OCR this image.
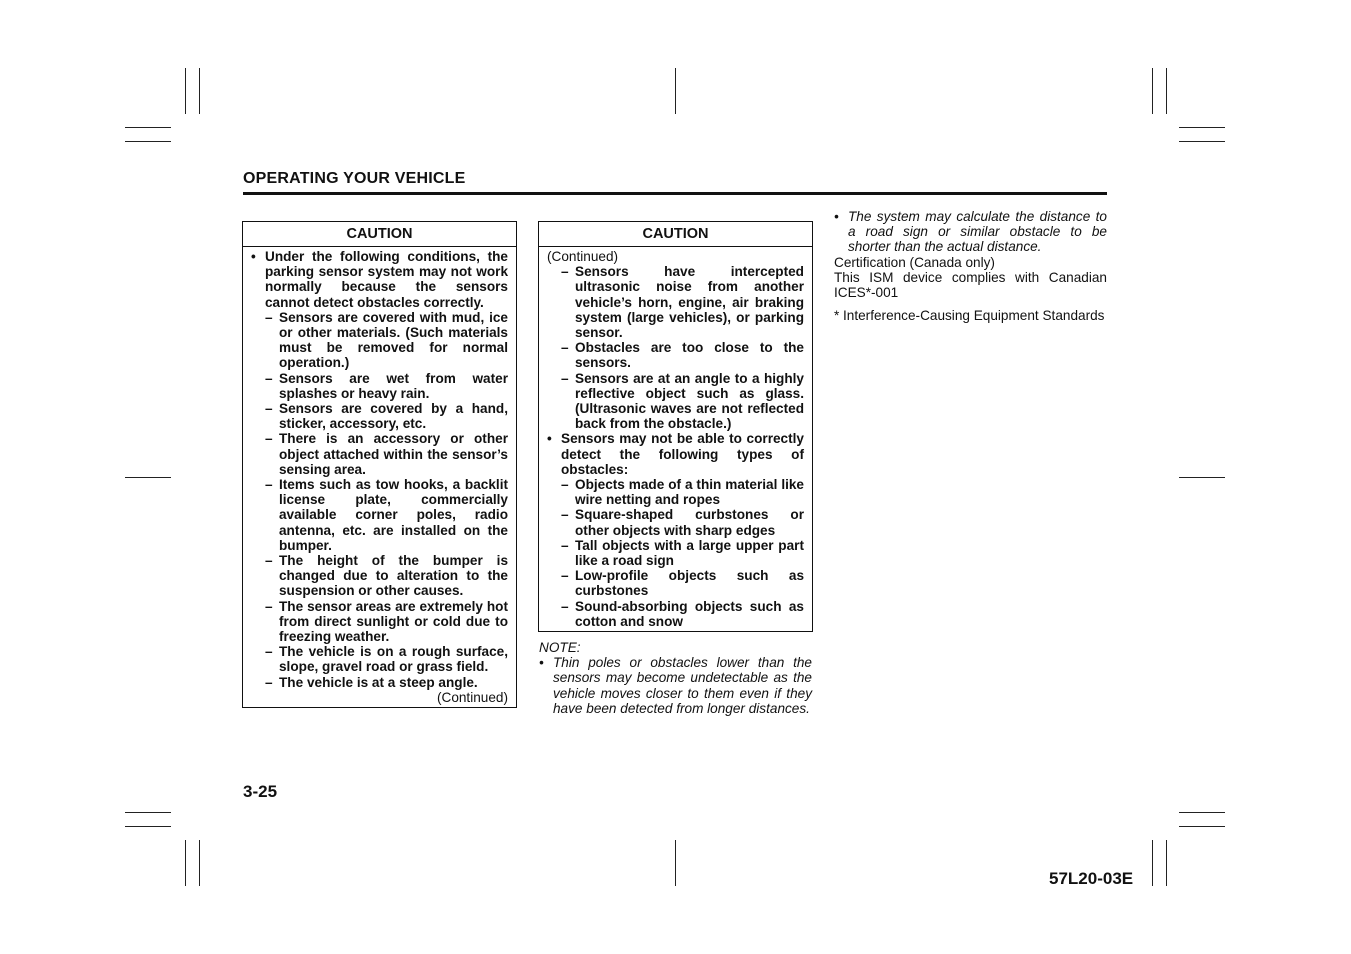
OPERATING YOUR VEHICLE
CAUTION
• Under the following conditions, the parking sensor system may not work normally because the sensors cannot detect obstacles correctly.
– Sensors are covered with mud, ice or other materials. (Such materials must be removed for normal operation.)
– Sensors are wet from water splashes or heavy rain.
– Sensors are covered by a hand, sticker, accessory, etc.
– There is an accessory or other object attached within the sensor’s sensing area.
– Items such as tow hooks, a backlit license plate, commercially available corner poles, radio antenna, etc. are installed on the bumper.
– The height of the bumper is changed due to alteration to the suspension or other causes.
– The sensor areas are extremely hot from direct sunlight or cold due to freezing weather.
– The vehicle is on a rough surface, slope, gravel road or grass field.
– The vehicle is at a steep angle.
(Continued)
CAUTION
(Continued)
– Sensors have intercepted ultrasonic noise from another vehicle’s horn, engine, air braking system (large vehicles), or parking sensor.
– Obstacles are too close to the sensors.
– Sensors are at an angle to a highly reflective object such as glass. (Ultrasonic waves are not reflected back from the obstacle.)
• Sensors may not be able to correctly detect the following types of obstacles:
– Objects made of a thin material like wire netting and ropes
– Square-shaped curbstones or other objects with sharp edges
– Tall objects with a large upper part like a road sign
– Low-profile objects such as curbstones
– Sound-absorbing objects such as cotton and snow
NOTE:
• Thin poles or obstacles lower than the sensors may become undetectable as the vehicle moves closer to them even if they have been detected from longer distances.
• The system may calculate the distance to a road sign or similar obstacle to be shorter than the actual distance.
Certification (Canada only)
This ISM device complies with Canadian ICES*-001
* Interference-Causing Equipment Standards
3-25
57L20-03E
